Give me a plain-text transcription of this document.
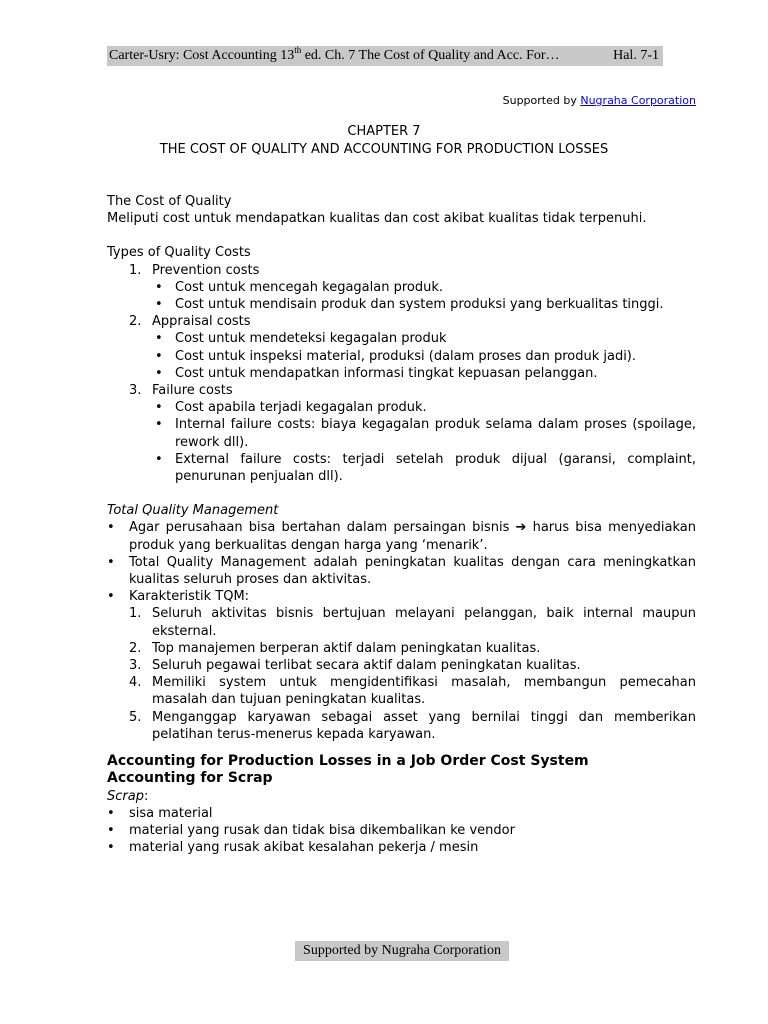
Carter-Usry: Cost Accounting 13th ed. Ch. 7 The Cost of Quality and Acc. For…	Hal. 7-1
Supported by Nugraha Corporation
CHAPTER 7
THE COST OF QUALITY AND ACCOUNTING FOR PRODUCTION LOSSES

The Cost of Quality

Meliputi cost untuk mendapatkan kualitas dan cost akibat kualitas tidak terpenuhi.

Types of Quality Costs

1. Prevention costs
• Cost untuk mencegah kegagalan produk.
• Cost untuk mendisain produk dan system produksi yang berkualitas tinggi.
2. Appraisal costs
• Cost untuk mendeteksi kegagalan produk
• Cost untuk inspeksi material, produksi (dalam proses dan produk jadi).
• Cost untuk mendapatkan informasi tingkat kepuasan pelanggan.
3. Failure costs
• Cost apabila terjadi kegagalan produk.
• Internal failure costs: biaya kegagalan produk selama dalam proses (spoilage, rework dll).
• External failure costs: terjadi setelah produk dijual (garansi, complaint, penurunan penjualan dll).

Total Quality Management

• Agar perusahaan bisa bertahan dalam persaingan bisnis ➔ harus bisa menyediakan produk yang berkualitas dengan harga yang ‘menarik’.
• Total Quality Management adalah peningkatan kualitas dengan cara meningkatkan kualitas seluruh proses dan aktivitas.
• Karakteristik TQM:
1. Seluruh aktivitas bisnis bertujuan melayani pelanggan, baik internal maupun eksternal.
2. Top manajemen berperan aktif dalam peningkatan kualitas.
3. Seluruh pegawai terlibat secara aktif dalam peningkatan kualitas.
4. Memiliki system untuk mengidentifikasi masalah, membangun pemecahan masalah dan tujuan peningkatan kualitas.
5. Menganggap karyawan sebagai asset yang bernilai tinggi dan memberikan pelatihan terus-menerus kepada karyawan.

Accounting for Production Losses in a Job Order Cost System

Accounting for Scrap

Scrap:

• sisa material
• material yang rusak dan tidak bisa dikembalikan ke vendor
• material yang rusak akibat kesalahan pekerja / mesin
Supported by Nugraha Corporation
